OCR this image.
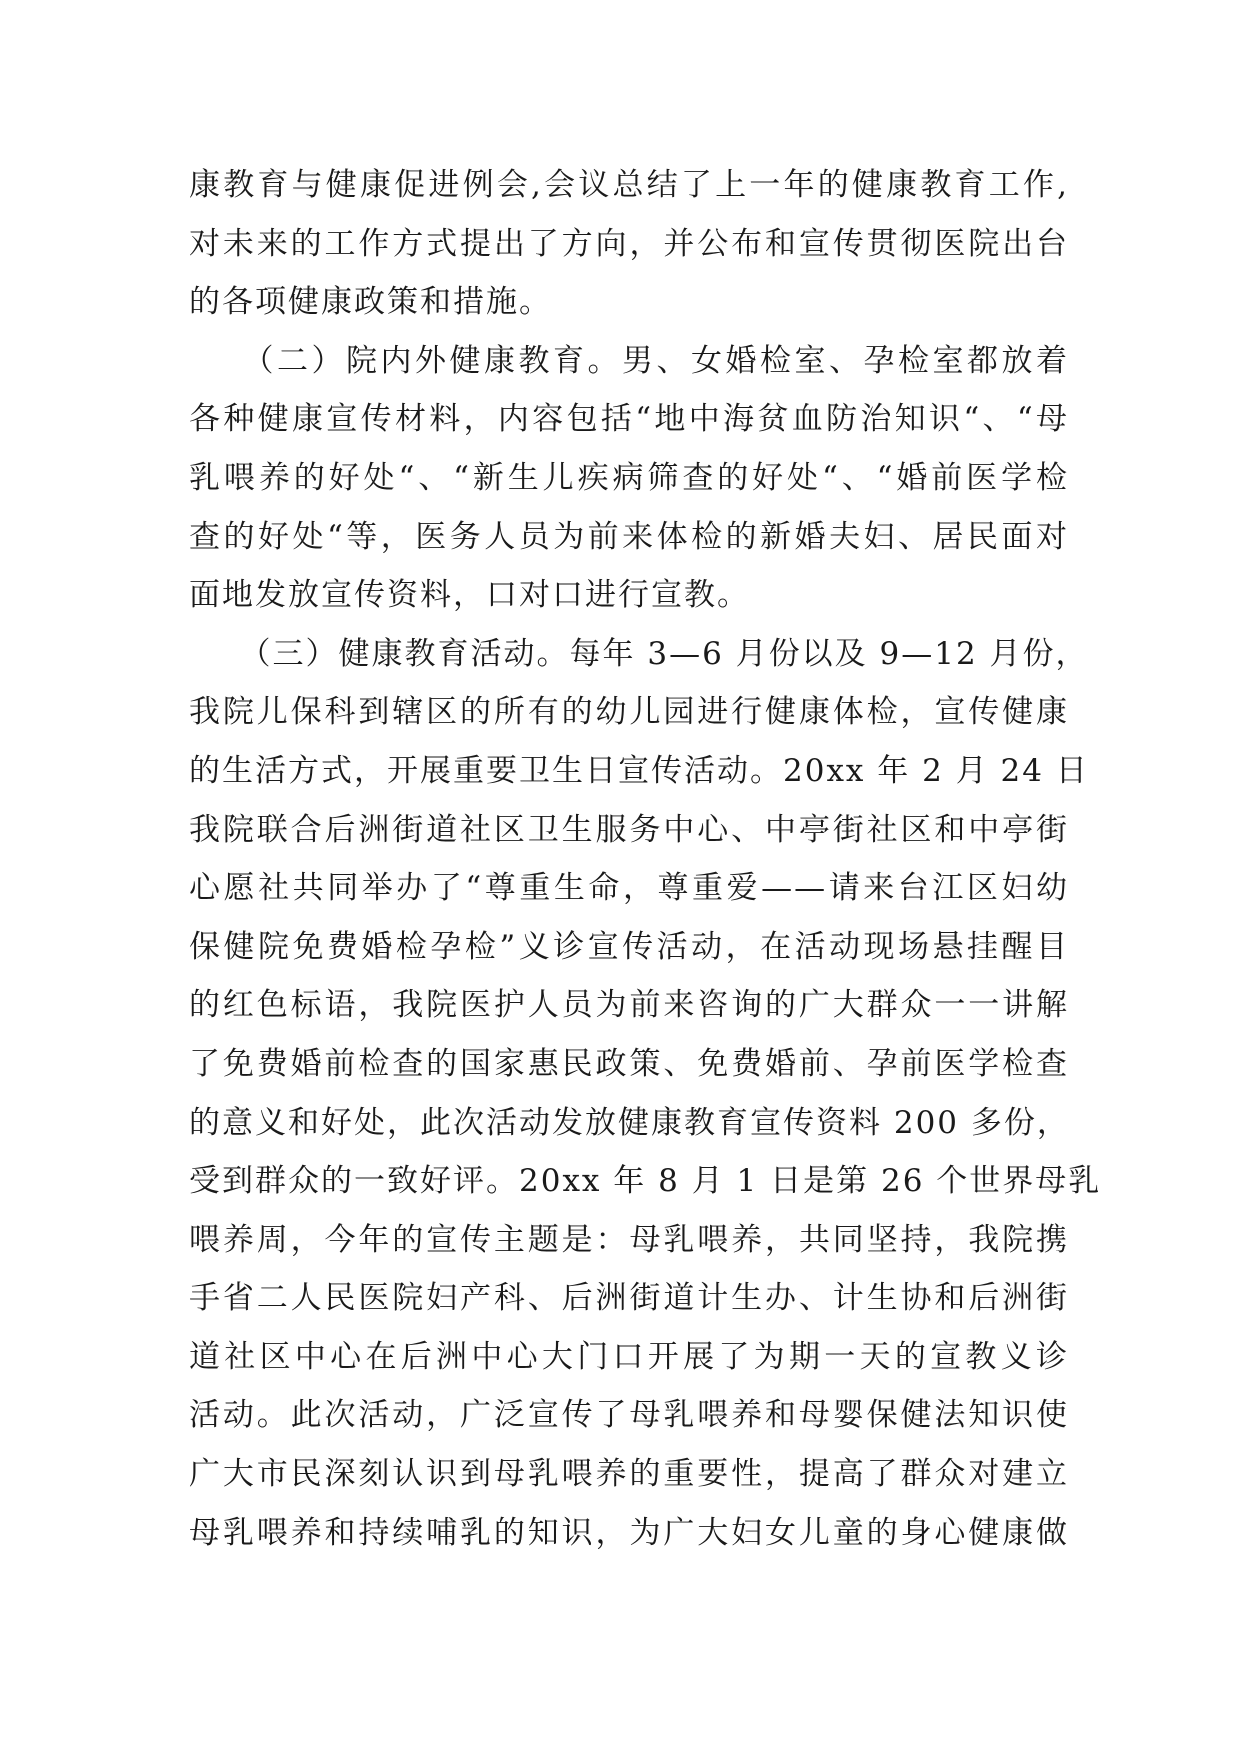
康教育与健康促进例会,会议总结了上一年的健康教育工作,
对未来的工作方式提出了方向，并公布和宣传贯彻医院出台
的各项健康政策和措施。
　　（二）院内外健康教育。男、女婚检室、孕检室都放着
各种健康宣传材料，内容包括“地中海贫血防治知识“、“母
乳喂养的好处“、“新生儿疾病筛查的好处“、“婚前医学检
查的好处“等，医务人员为前来体检的新婚夫妇、居民面对
面地发放宣传资料，口对口进行宣教。
　　（三）健康教育活动。每年 3—6 月份以及 9—12 月份，
我院儿保科到辖区的所有的幼儿园进行健康体检，宣传健康
的生活方式，开展重要卫生日宣传活动。20xx 年 2 月 24 日
我院联合后洲街道社区卫生服务中心、中亭街社区和中亭街
心愿社共同举办了“尊重生命，尊重爱——请来台江区妇幼
保健院免费婚检孕检”义诊宣传活动，在活动现场悬挂醒目
的红色标语，我院医护人员为前来咨询的广大群众一一讲解
了免费婚前检查的国家惠民政策、免费婚前、孕前医学检查
的意义和好处，此次活动发放健康教育宣传资料 200 多份，
受到群众的一致好评。20xx 年 8 月 1 日是第 26 个世界母乳
喂养周，今年的宣传主题是：母乳喂养，共同坚持，我院携
手省二人民医院妇产科、后洲街道计生办、计生协和后洲街
道社区中心在后洲中心大门口开展了为期一天的宣教义诊
活动。此次活动，广泛宣传了母乳喂养和母婴保健法知识使
广大市民深刻认识到母乳喂养的重要性，提高了群众对建立
母乳喂养和持续哺乳的知识，为广大妇女儿童的身心健康做
